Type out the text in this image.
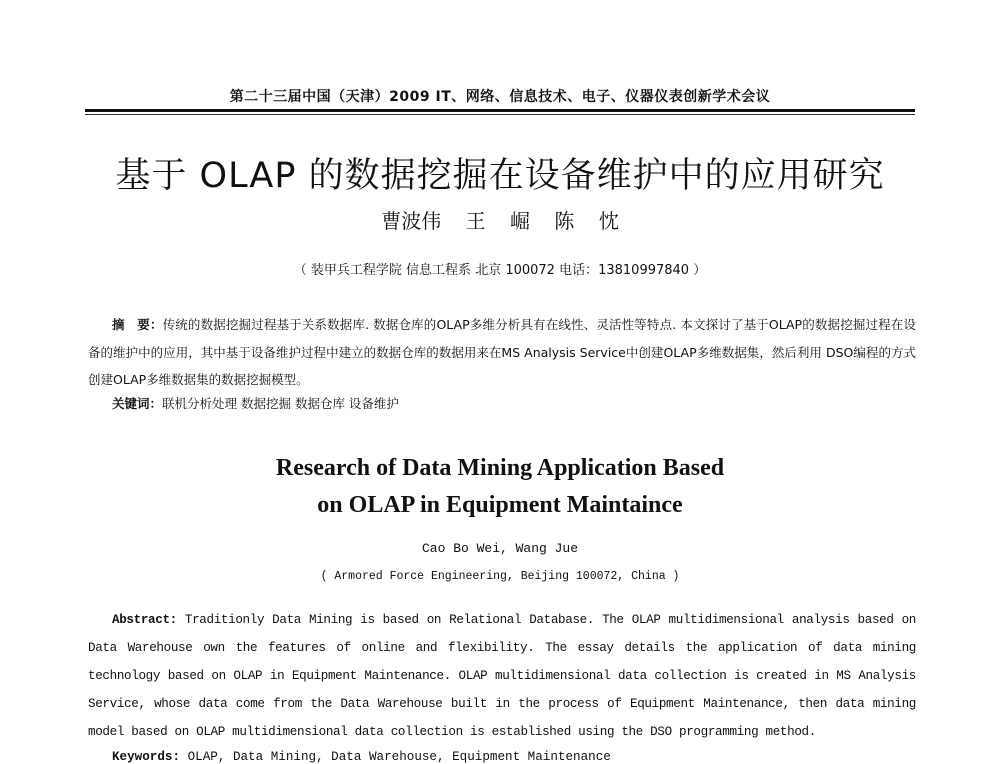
第二十三届中国（天津）2009 IT、网络、信息技术、电子、仪器仪表创新学术会议
基于 OLAP 的数据挖掘在设备维护中的应用研究
曹波伟 王 崛 陈 忱
（ 装甲兵工程学院 信息工程系 北京 100072 电话：13810997840 ）
摘　要：传统的数据挖掘过程基于关系数据库. 数据仓库的OLAP多维分析具有在线性、灵活性等特点. 本文探讨了基于OLAP的数据挖掘过程在设备的维护中的应用，其中基于设备维护过程中建立的数据仓库的数据用来在MS Analysis Service中创建OLAP多维数据集，然后利用 DSO编程的方式创建OLAP多维数据集的数据挖掘模型。
关键词：联机分析处理 数据挖掘 数据仓库 设备维护
Research of Data Mining Application Based
on OLAP in Equipment Maintaince
Cao Bo Wei, Wang Jue
( Armored Force Engineering, Beijing 100072, China )
Abstract: Traditionly Data Mining is based on Relational Database. The OLAP multidimensional analysis based on Data Warehouse own the features of online and flexibility. The essay details the application of data mining technology based on OLAP in Equipment Maintenance. OLAP multidimensional data collection is created in MS Analysis Service, whose data come from the Data Warehouse built in the process of Equipment Maintenance, then data mining model based on OLAP multidimensional data collection is established using the DSO programming method.
Keywords: OLAP, Data Mining, Data Warehouse, Equipment Maintenance
